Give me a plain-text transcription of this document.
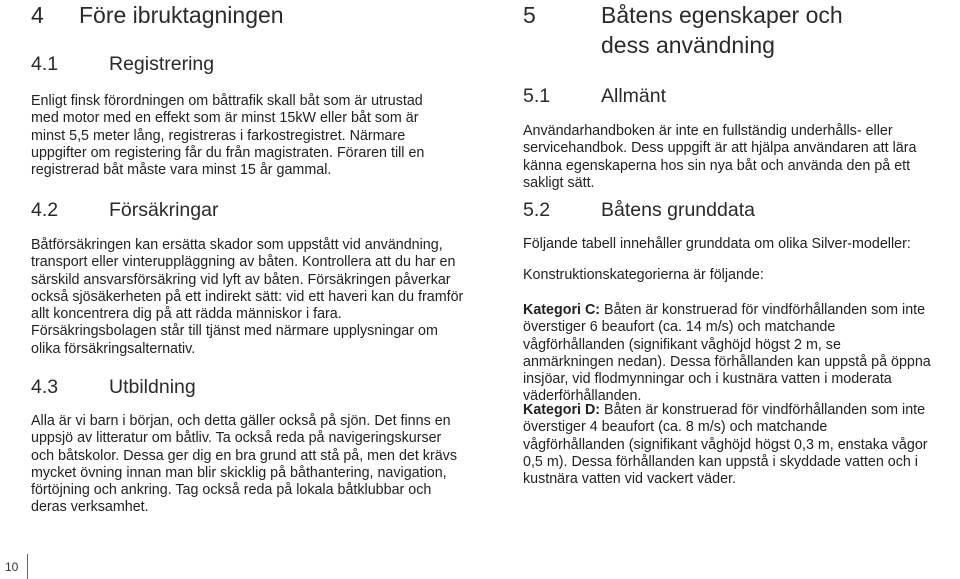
4	Före ibruktagningen
4.1	Registrering

Enligt finsk förordningen om båttrafik skall båt som är utrustad med motor med en effekt som är minst 15kW eller båt som är minst 5,5 meter lång, registreras i farkostregistret. Närmare uppgifter om registering får du från magistraten. Föraren till en registrerad båt måste vara minst 15 år gammal.

4.2	Försäkringar

Båtförsäkringen kan ersätta skador som uppstått vid användning, transport eller vinteruppläggning av båten. Kontrollera att du har en särskild ansvarsförsäkring vid lyft av båten. Försäkringen påverkar också sjösäkerheten på ett indirekt sätt: vid ett haveri kan du framför allt koncentrera dig på att rädda människor i fara. Försäkringsbolagen står till tjänst med närmare upplysningar om olika försäkringsalternativ.

4.3	Utbildning

Alla är vi barn i början, och detta gäller också på sjön. Det finns en uppsjö av litteratur om båtliv. Ta också reda på navigeringskurser och båtskolor. Dessa ger dig en bra grund att stå på, men det krävs mycket övning innan man blir skicklig på båthantering, navigation, förtöjning och ankring. Tag också reda på lokala båtklubbar och deras verksamhet.

5	Båtens egenskaper och
dess användning
5.1	Allmänt

Användarhandboken är inte en fullständig underhålls- eller servicehandbok. Dess uppgift är att hjälpa användaren att lära känna egenskaperna hos sin nya båt och använda den på ett sakligt sätt.

5.2	Båtens grunddata

Följande tabell innehåller grunddata om olika Silver-modeller:

Konstruktionskategorierna är följande:

Kategori C: Båten är konstruerad för vindförhållanden som inte överstiger 6 beaufort (ca. 14 m/s) och matchande vågförhållanden (signifikant våghöjd högst 2 m, se anmärkningen nedan). Dessa förhållanden kan uppstå på öppna insjöar, vid flodmynningar och i kustnära vatten i moderata väderförhållanden.

Kategori D: Båten är konstruerad för vindförhållanden som inte överstiger 4 beaufort (ca. 8 m/s) och matchande vågförhållanden (signifikant våghöjd högst 0,3 m, enstaka vågor 0,5 m). Dessa förhållanden kan uppstå i skyddade vatten och i kustnära vatten vid vackert väder.

10
